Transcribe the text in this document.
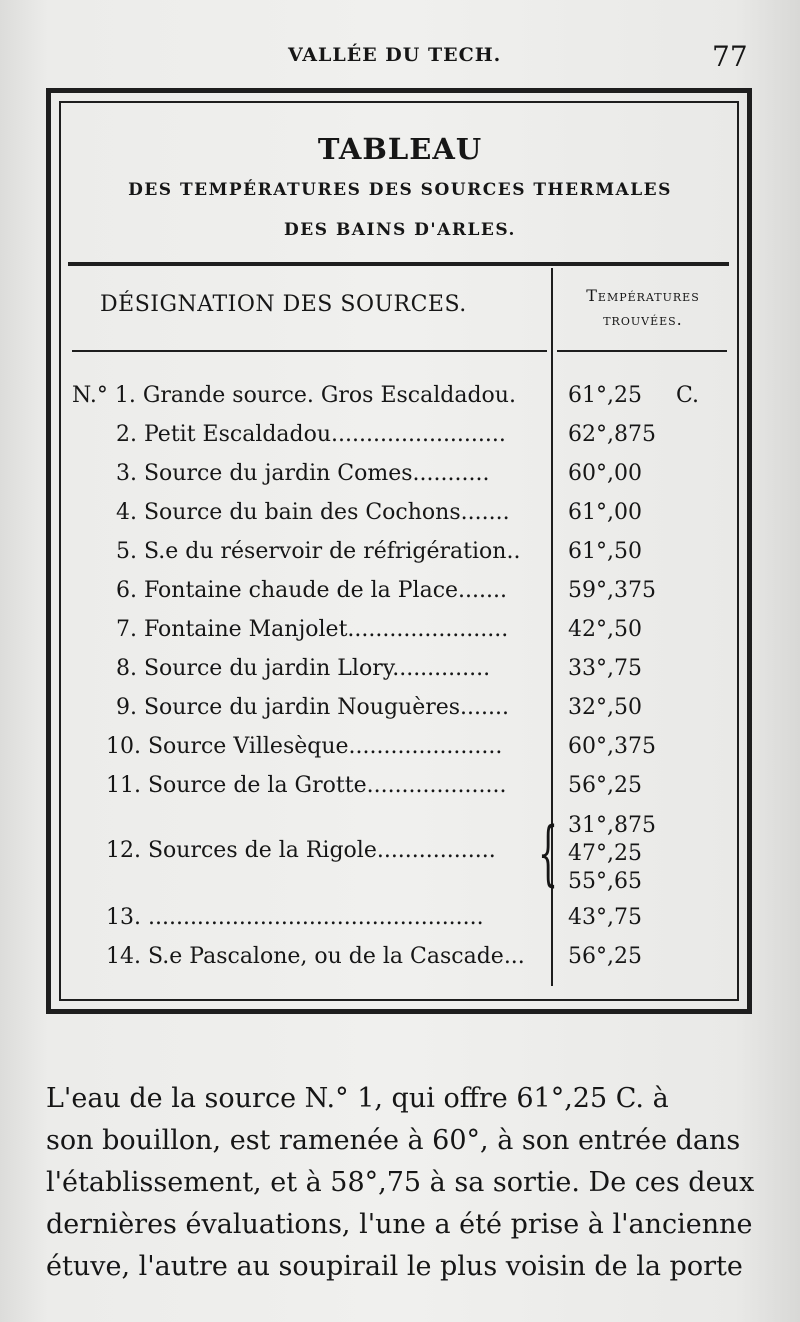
VALLÉE DU TECH.	77
TABLEAU
DES TEMPÉRATURES DES SOURCES THERMALES
DES BAINS D'ARLES.
DÉSIGNATION DES SOURCES.	Températures
trouvées.
N.° 1. Grande source. Gros Escaldadou. 61°,25 C.
2. Petit Escaldadou.........................	62°,875
3. Source du jardin Comes...........	60°,00
4. Source du bain des Cochons.......	61°,00
5. S.e du réservoir de réfrigération.. 61°,50
6. Fontaine chaude de la Place.......	59°,375
7. Fontaine Manjolet.......................	42°,50
8. Source du jardin Llory..............	33°,75
9. Source du jardin Nouguères.......	32°,50
10. Source Villesèque......................	60°,375
11. Source de la Grotte....................	56°,25
12. Sources de la Rigole................. { 31°,875
47°,25
55°,65
13. ................................................	43°,75
14. S.e Pascalone, ou de la Cascade... 56°,25
L'eau de la source N.° 1, qui offre 61°,25 C. à
son bouillon, est ramenée à 60°, à son entrée dans
l'établissement, et à 58°,75 à sa sortie. De ces deux
dernières évaluations, l'une a été prise à l'ancienne
étuve, l'autre au soupirail le plus voisin de la porte
